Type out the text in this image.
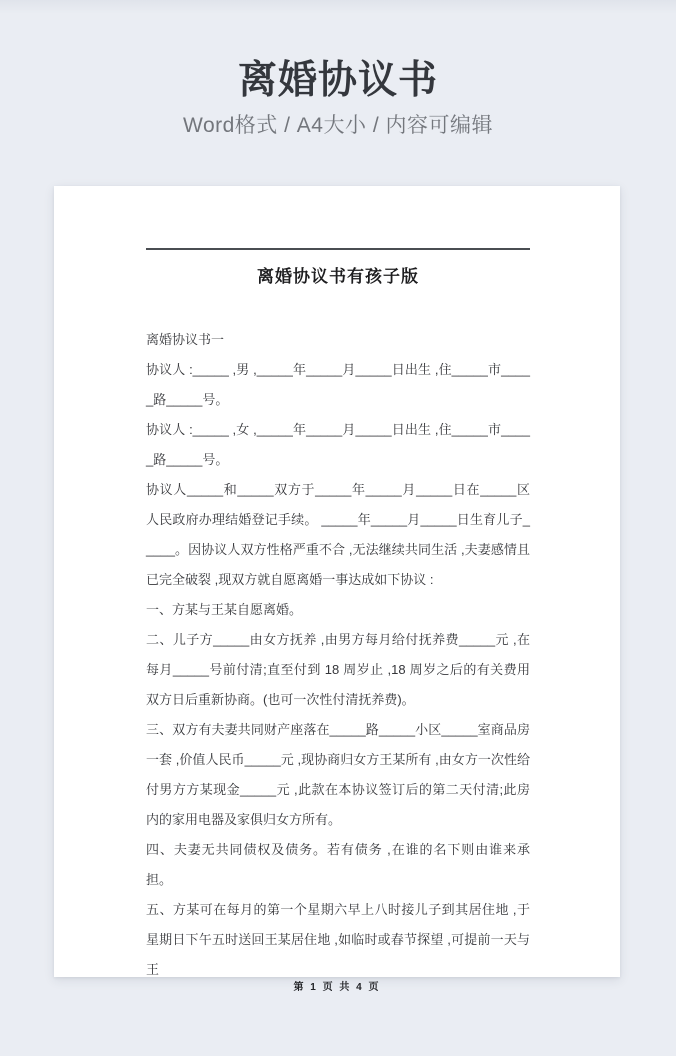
离婚协议书
Word格式 / A4大小 / 内容可编辑
离婚协议书有孩子版

离婚协议书一

协议人 :_____ ,男 ,_____年_____月_____日出生 ,住_____市_____路_____号。

协议人 :_____ ,女 ,_____年_____月_____日出生 ,住_____市_____路_____号。

协议人_____和_____双方于_____年_____月_____日在_____区人民政府办理结婚登记手续。 _____年_____月_____日生育儿子_____。因协议人双方性格严重不合 ,无法继续共同生活 ,夫妻感情且已完全破裂 ,现双方就自愿离婚一事达成如下协议 :

一、方某与王某自愿离婚。

二、儿子方_____由女方抚养 ,由男方每月给付抚养费_____元 ,在每月_____号前付清;直至付到 18 周岁止 ,18 周岁之后的有关费用双方日后重新协商。(也可一次性付清抚养费)。

三、双方有夫妻共同财产座落在_____路_____小区_____室商品房一套 ,价值人民币_____元 ,现协商归女方王某所有 ,由女方一次性给付男方方某现金_____元 ,此款在本协议签订后的第二天付清;此房内的家用电器及家俱归女方所有。

四、夫妻无共同债权及债务。若有债务 ,在谁的名下则由谁来承担。

五、方某可在每月的第一个星期六早上八时接儿子到其居住地 ,于星期日下午五时送回王某居住地 ,如临时或春节探望 ,可提前一天与王

第 1 页 共 4 页
